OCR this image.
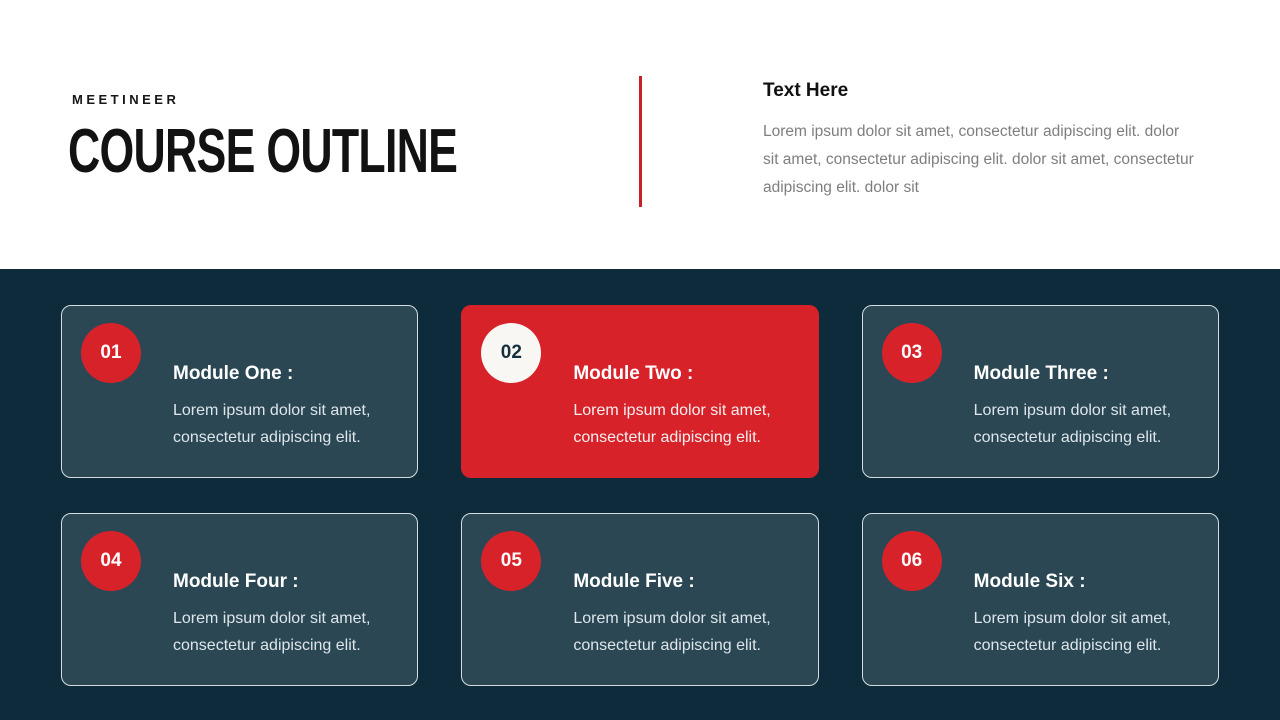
MEETINEER
COURSE OUTLINE
Text Here

Lorem ipsum dolor sit amet, consectetur adipiscing elit. dolor sit amet, consectetur adipiscing elit. dolor sit amet, consectetur adipiscing elit. dolor sit

01
Module One :

Lorem ipsum dolor sit amet, consectetur adipiscing elit.

02
Module Two :

Lorem ipsum dolor sit amet, consectetur adipiscing elit.

03
Module Three :

Lorem ipsum dolor sit amet, consectetur adipiscing elit.

04
Module Four :

Lorem ipsum dolor sit amet, consectetur adipiscing elit.

05
Module Five :

Lorem ipsum dolor sit amet, consectetur adipiscing elit.

06
Module Six :

Lorem ipsum dolor sit amet, consectetur adipiscing elit.
